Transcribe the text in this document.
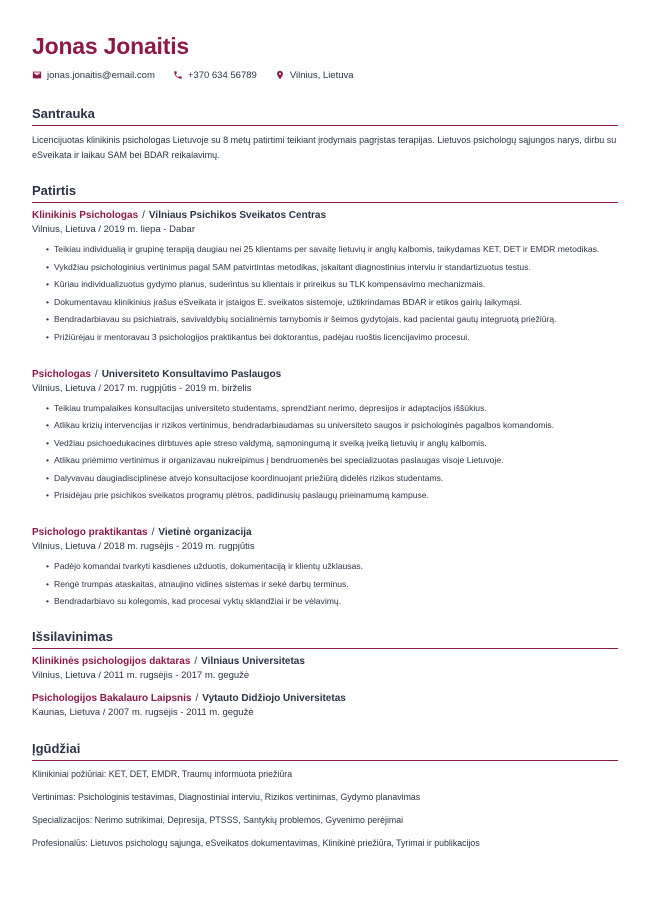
Jonas Jonaitis
jonas.jonaitis@email.com	+370 634 56789	Vilnius, Lietuva
Santrauka
Licencijuotas klinikinis psichologas Lietuvoje su 8 metų patirtimi teikiant įrodymais pagrįstas terapijas. Lietuvos psichologų sąjungos narys, dirbu su eSveikata ir laikau SAM bei BDAR reikalavimų.
Patirtis
Klinikinis Psichologas / Vilniaus Psichikos Sveikatos Centras
Vilnius, Lietuva / 2019 m. liepa - Dabar
• Teikiau individualią ir grupinę terapiją daugiau nei 25 klientams per savaitę lietuvių ir anglų kalbomis, taikydamas KET, DET ir EMDR metodikas.
• Vykdžiau psichologinius vertinimus pagal SAM patvirtintas metodikas, įskaitant diagnostinius interviu ir standartizuotus testus.
• Kūriau individualizuotus gydymo planus, suderintus su klientais ir prireikus su TLK kompensavimo mechanizmais.
• Dokumentavau klinikinius įrašus eSveikata ir įstaigos E. sveikatos sistemoje, užtikrindamas BDAR ir etikos gairių laikymąsi.
• Bendradarbiavau su psichiatrais, savivaldybių socialinėmis tarnybomis ir šeimos gydytojais, kad pacientai gautų integruotą priežiūrą.
• Prižiūrėjau ir mentoravau 3 psichologijos praktikantus bei doktorantus, padėjau ruoštis licencijavimo procesui.
Psichologas / Universiteto Konsultavimo Paslaugos
Vilnius, Lietuva / 2017 m. rugpjūtis - 2019 m. birželis
• Teikiau trumpalaikes konsultacijas universiteto studentams, sprendžiant nerimo, depresijos ir adaptacijos iššūkius.
• Atlikau krizių intervencijas ir rizikos vertinimus, bendradarbiaudamas su universiteto saugos ir psichologinės pagalbos komandomis.
• Vedžiau psichoedukacines dirbtuves apie streso valdymą, sąmoningumą ir sveiką įveiką lietuvių ir anglų kalbomis.
• Atlikau priėmimo vertinimus ir organizavau nukreipimus į bendruomenės bei specializuotas paslaugas visoje Lietuvoje.
• Dalyvavau daugiadisciplinėse atvejo konsultacijose koordinuojant priežiūrą didelės rizikos studentams.
• Prisidėjau prie psichikos sveikatos programų plėtros, padidinusių paslaugų prieinamumą kampuse.
Psichologo praktikantas / Vietinė organizacija
Vilnius, Lietuva / 2018 m. rugsėjis - 2019 m. rugpjūtis
• Padėjo komandai tvarkyti kasdienes užduotis, dokumentaciją ir klientų užklausas.
• Rengė trumpas ataskaitas, atnaujino vidines sistemas ir sekė darbų terminus.
• Bendradarbiavo su kolegomis, kad procesai vyktų sklandžiai ir be vėlavimų.
Išsilavinimas
Klinikinės psichologijos daktaras / Vilniaus Universitetas
Vilnius, Lietuva / 2011 m. rugsėjis - 2017 m. gegužė
Psichologijos Bakalauro Laipsnis / Vytauto Didžiojo Universitetas
Kaunas, Lietuva / 2007 m. rugsėjis - 2011 m. gegužė
Įgūdžiai
Klinikiniai požiūriai: KET, DET, EMDR, Traumų informuota priežiūra
Vertinimas: Psichologinis testavimas, Diagnostiniai interviu, Rizikos vertinimas, Gydymo planavimas
Specializacijos: Nerimo sutrikimai, Depresija, PTSSS, Santykių problemos, Gyvenimo perėjimai
Profesionalūs: Lietuvos psichologų sąjunga, eSveikatos dokumentavimas, Klinikinė priežiūra, Tyrimai ir publikacijos
